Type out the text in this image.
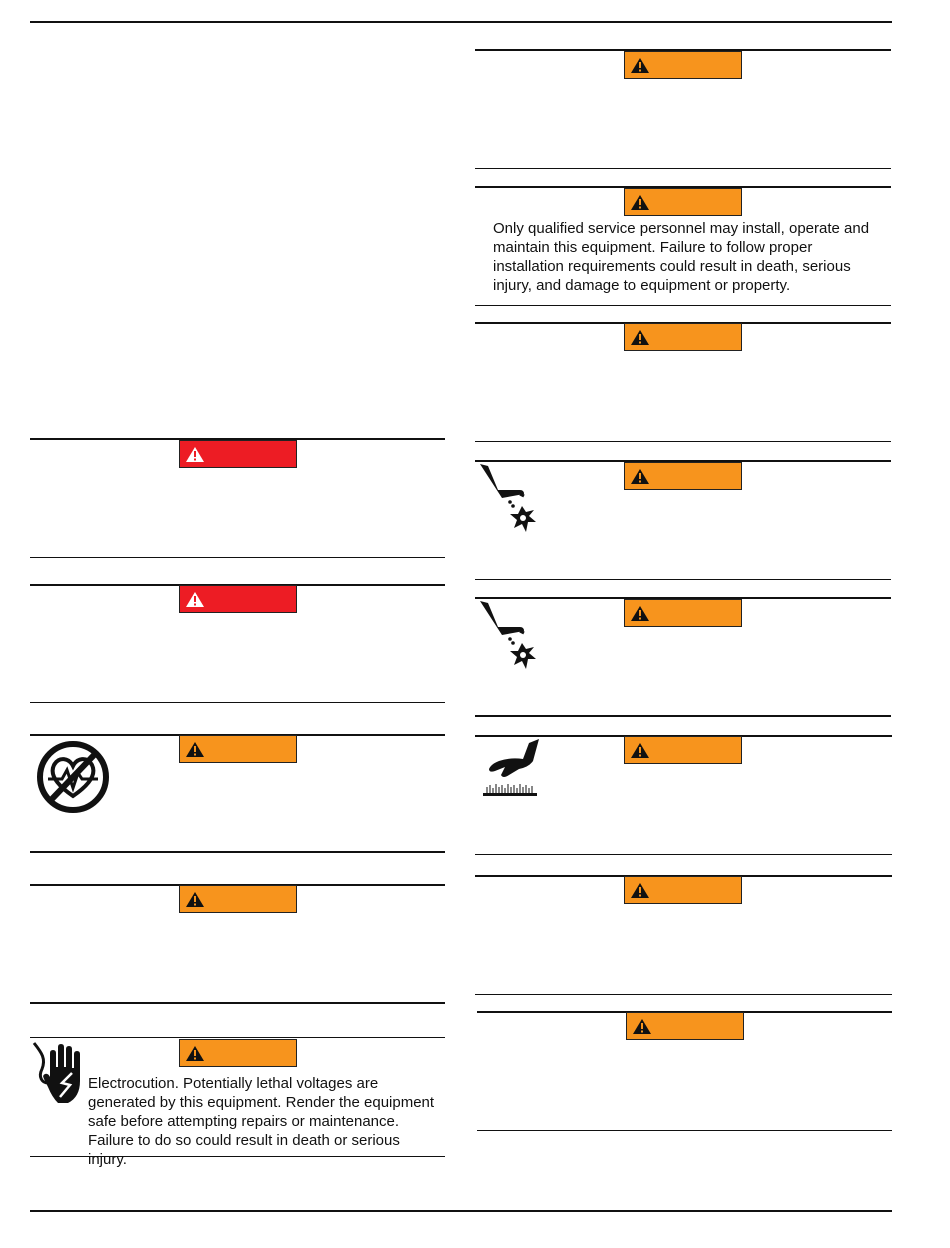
Electrocution. Potentially lethal voltages are generated by this equipment. Render the equipment safe before attempting repairs or maintenance. Failure to do so could result in death or serious injury.
Only qualified service personnel may install, operate and maintain this equipment. Failure to follow proper installation requirements could result in death, serious injury, and damage to equipment or property.
